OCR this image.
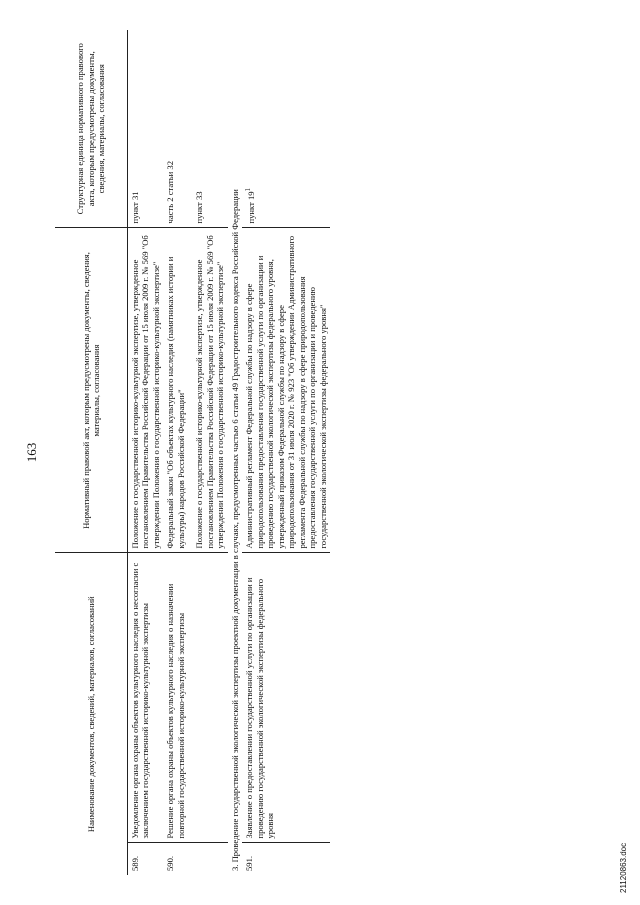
163
Наименование документов, сведений, материалов, согласований		Нормативный правовой акт, которым предусмотрены документы, сведения, материалы, согласования	Структурная единица нормативного правового акта, которым предусмотрены документы, сведения, материалы, согласования
589.	Уведомление органа охраны объектов культурного наследия о несогласии с заключением государственной историко-культурной экспертизы	Положение о государственной историко-культурной экспертизе, утвержденное постановлением Правительства Российской Федерации от 15 июля 2009 г. № 569 "Об утверждении Положения о государственной историко-культурной экспертизе"	пункт 31
590.	Решение органа охраны объектов культурного наследия о назначении повторной государственной историко-культурной экспертизы	Федеральный закон "Об объектах культурного наследия (памятниках истории и культуры) народов Российской Федерации"	часть 2 статьи 32
		Положение о государственной историко-культурной экспертизе, утвержденное постановлением Правительства Российской Федерации от 15 июля 2009 г. № 569 "Об утверждении Положения о государственной историко-культурной экспертизе"	пункт 33
3. Проведение государственной экологической экспертизы проектной документации в случаях, предусмотренных частью 6 статьи 49 Градостроительного кодекса Российской Федерации			
591.	Заявление о предоставлении государственной услуги по организации и проведению государственной экологической экспертизы федерального уровня	Административный регламент Федеральной службы по надзору в сфере природопользования предоставления государственной услуги по организации и проведению государственной экологической экспертизы федерального уровня, утвержденный приказом Федеральной службы по надзору в сфере природопользования от 31 июля 2020 г. № 923 "Об утверждении Административного регламента Федеральной службы по надзору в сфере природопользования предоставления государственной услуги по организации и проведению государственной экологической экспертизы федерального уровня"	пункт $19^1$
21120863.doc
